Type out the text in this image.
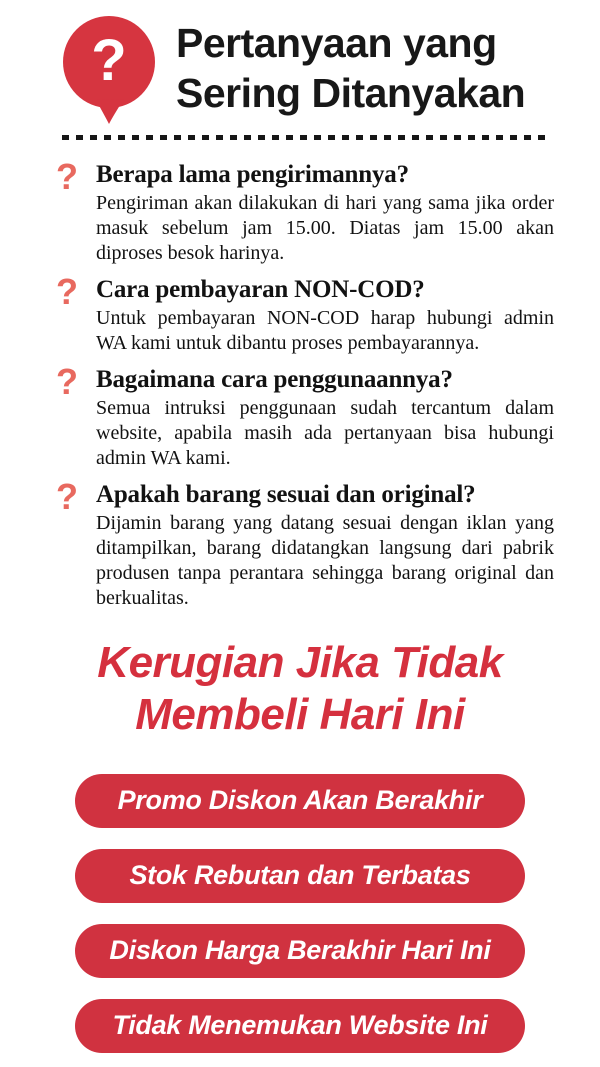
? Pertanyaan yang
Sering Ditanyakan
? Berapa lama pengirimannya?
Pengiriman akan dilakukan di hari yang sama jika order masuk sebelum jam 15.00. Diatas jam 15.00 akan diproses besok harinya.
? Cara pembayaran NON-COD?
Untuk pembayaran NON-COD harap hubungi admin WA kami untuk dibantu proses pembayarannya.
? Bagaimana cara penggunaannya?
Semua intruksi penggunaan sudah tercantum dalam website, apabila masih ada pertanyaan bisa hubungi admin WA kami.
? Apakah barang sesuai dan original?
Dijamin barang yang datang sesuai dengan iklan yang ditampilkan, barang didatangkan langsung dari pabrik produsen tanpa perantara sehingga barang original dan berkualitas.
Kerugian Jika Tidak
Membeli Hari Ini
Promo Diskon Akan Berakhir
Stok Rebutan dan Terbatas
Diskon Harga Berakhir Hari Ini
Tidak Menemukan Website Ini
